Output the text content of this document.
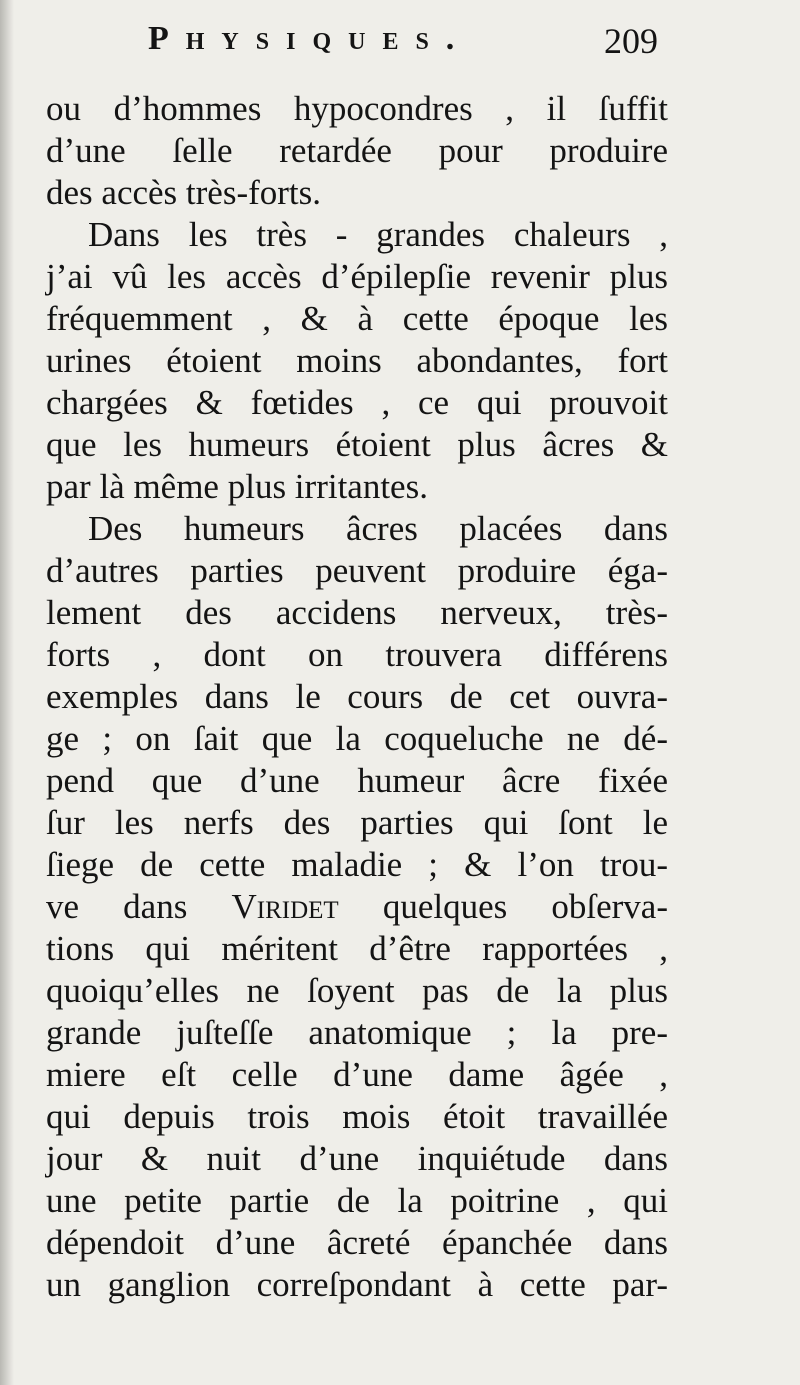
Physiques.	209
ou d’hommes hypocondres , il ſuffit
d’une ſelle retardée pour produire
des accès très-forts.
Dans les très - grandes chaleurs ,
j’ai vû les accès d’épilepſie revenir plus
fréquemment , & à cette époque les
urines étoient moins abondantes, fort
chargées & fœtides , ce qui prouvoit
que les humeurs étoient plus âcres &
par là même plus irritantes.
Des humeurs âcres placées dans
d’autres parties peuvent produire éga-
lement des accidens nerveux, très-
forts , dont on trouvera différens
exemples dans le cours de cet ouvra-
ge ; on ſait que la coqueluche ne dé-
pend que d’une humeur âcre fixée
ſur les nerfs des parties qui ſont le
ſiege de cette maladie ; & l’on trou-
ve dans Viridet quelques obſerva-
tions qui méritent d’être rapportées ,
quoiqu’elles ne ſoyent pas de la plus
grande juſteſſe anatomique ; la pre-
miere eſt celle d’une dame âgée ,
qui depuis trois mois étoit travaillée
jour & nuit d’une inquiétude dans
une petite partie de la poitrine , qui
dépendoit d’une âcreté épanchée dans
un ganglion correſpondant à cette par-
